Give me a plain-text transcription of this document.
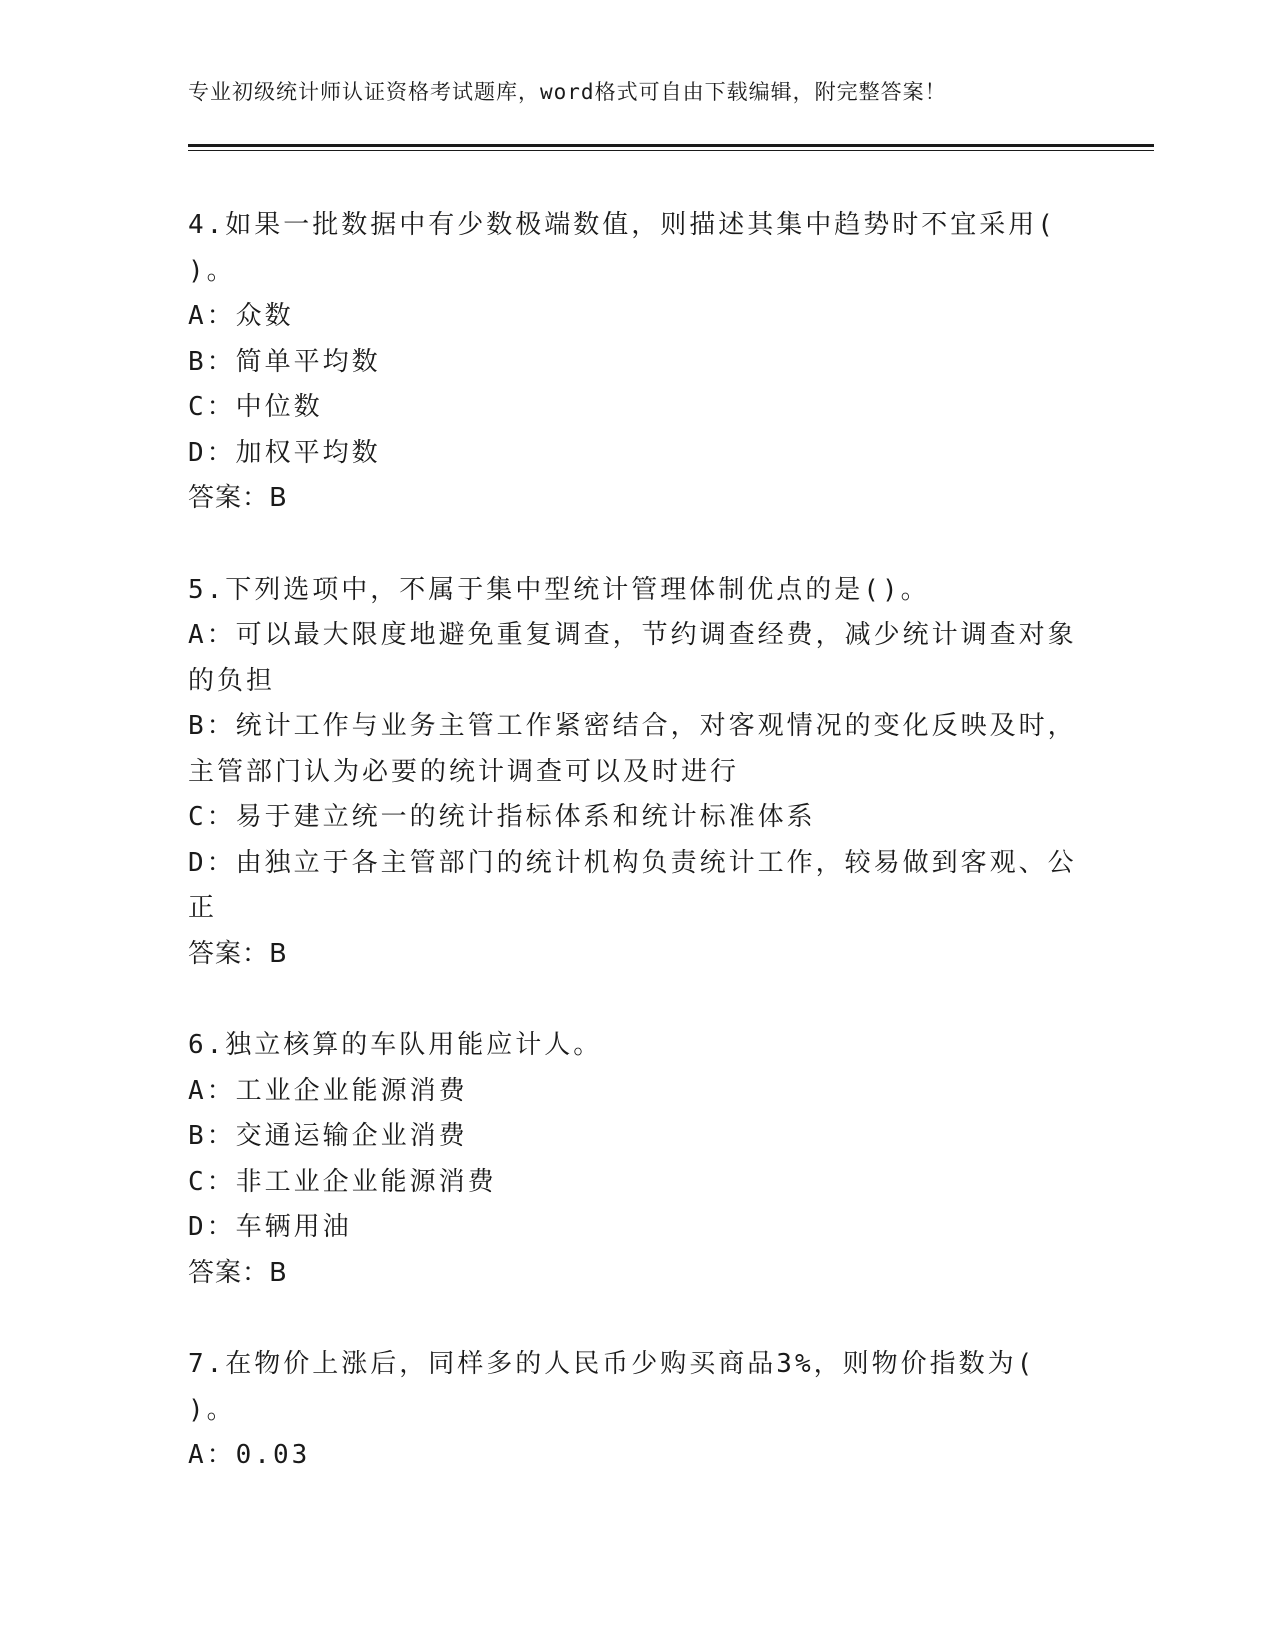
专业初级统计师认证资格考试题库，word格式可自由下载编辑，附完整答案！
4.如果一批数据中有少数极端数值，则描述其集中趋势时不宜采用(
)。
A：众数
B：简单平均数
C：中位数
D：加权平均数
答案：B
5.下列选项中，不属于集中型统计管理体制优点的是()。
A：可以最大限度地避免重复调查，节约调查经费，减少统计调查对象
的负担
B：统计工作与业务主管工作紧密结合，对客观情况的变化反映及时，
主管部门认为必要的统计调查可以及时进行
C：易于建立统一的统计指标体系和统计标准体系
D：由独立于各主管部门的统计机构负责统计工作，较易做到客观、公
正
答案：B
6.独立核算的车队用能应计人。
A：工业企业能源消费
B：交通运输企业消费
C：非工业企业能源消费
D：车辆用油
答案：B
7.在物价上涨后，同样多的人民币少购买商品3%，则物价指数为(
)。
A：0.03
